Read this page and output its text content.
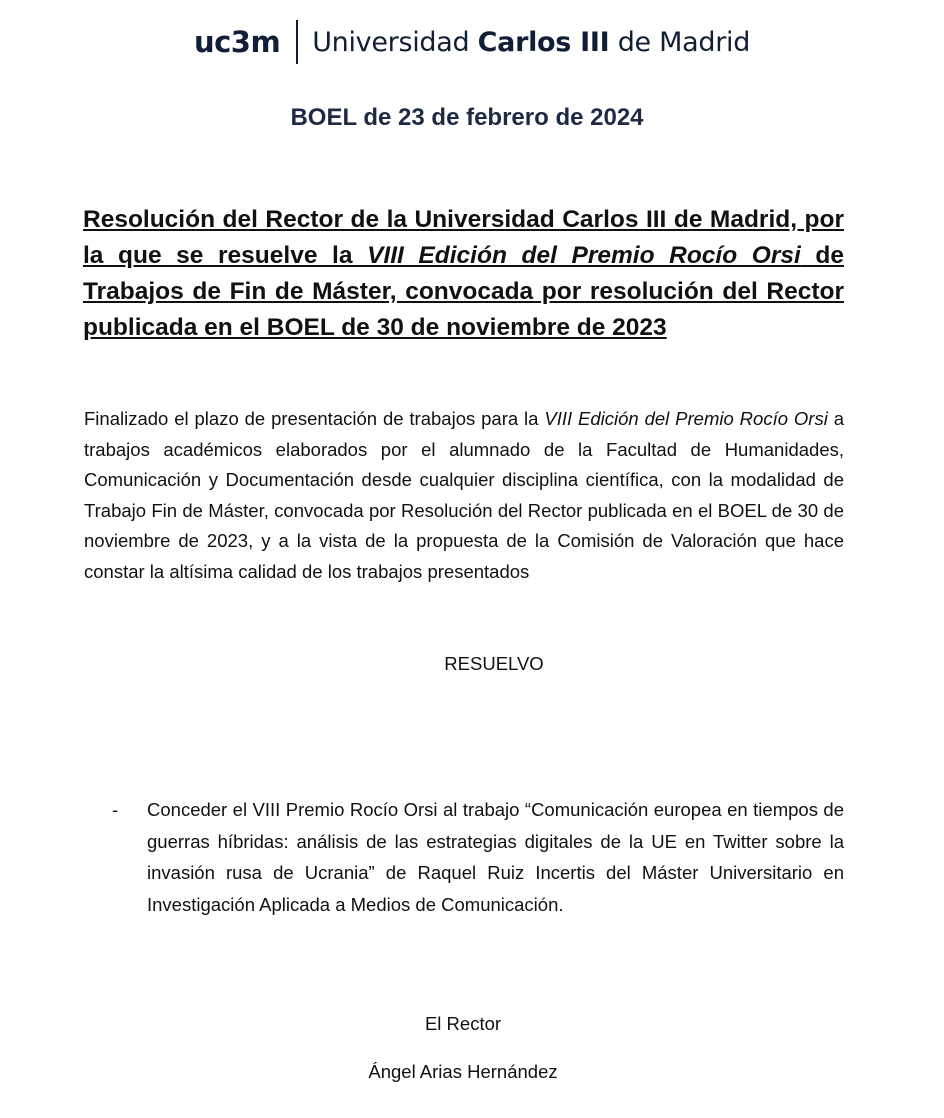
uc3m Universidad Carlos III de Madrid
BOEL de 23 de febrero de 2024
Resolución del Rector de la Universidad Carlos III de Madrid, por la que se resuelve la VIII Edición del Premio Rocío Orsi de Trabajos de Fin de Máster, convocada por resolución del Rector publicada en el BOEL de 30 de noviembre de 2023

Finalizado el plazo de presentación de trabajos para la VIII Edición del Premio Rocío Orsi a trabajos académicos elaborados por el alumnado de la Facultad de Humanidades, Comunicación y Documentación desde cualquier disciplina científica, con la modalidad de Trabajo Fin de Máster, convocada por Resolución del Rector publicada en el BOEL de 30 de noviembre de 2023, y a la vista de la propuesta de la Comisión de Valoración que hace constar la altísima calidad de los trabajos presentados

RESUELVO

-	Conceder el VIII Premio Rocío Orsi al trabajo “Comunicación europea en tiempos de guerras híbridas: análisis de las estrategias digitales de la UE en Twitter sobre la invasión rusa de Ucrania” de Raquel Ruiz Incertis del Máster Universitario en Investigación Aplicada a Medios de Comunicación.

El Rector

Ángel Arias Hernández
